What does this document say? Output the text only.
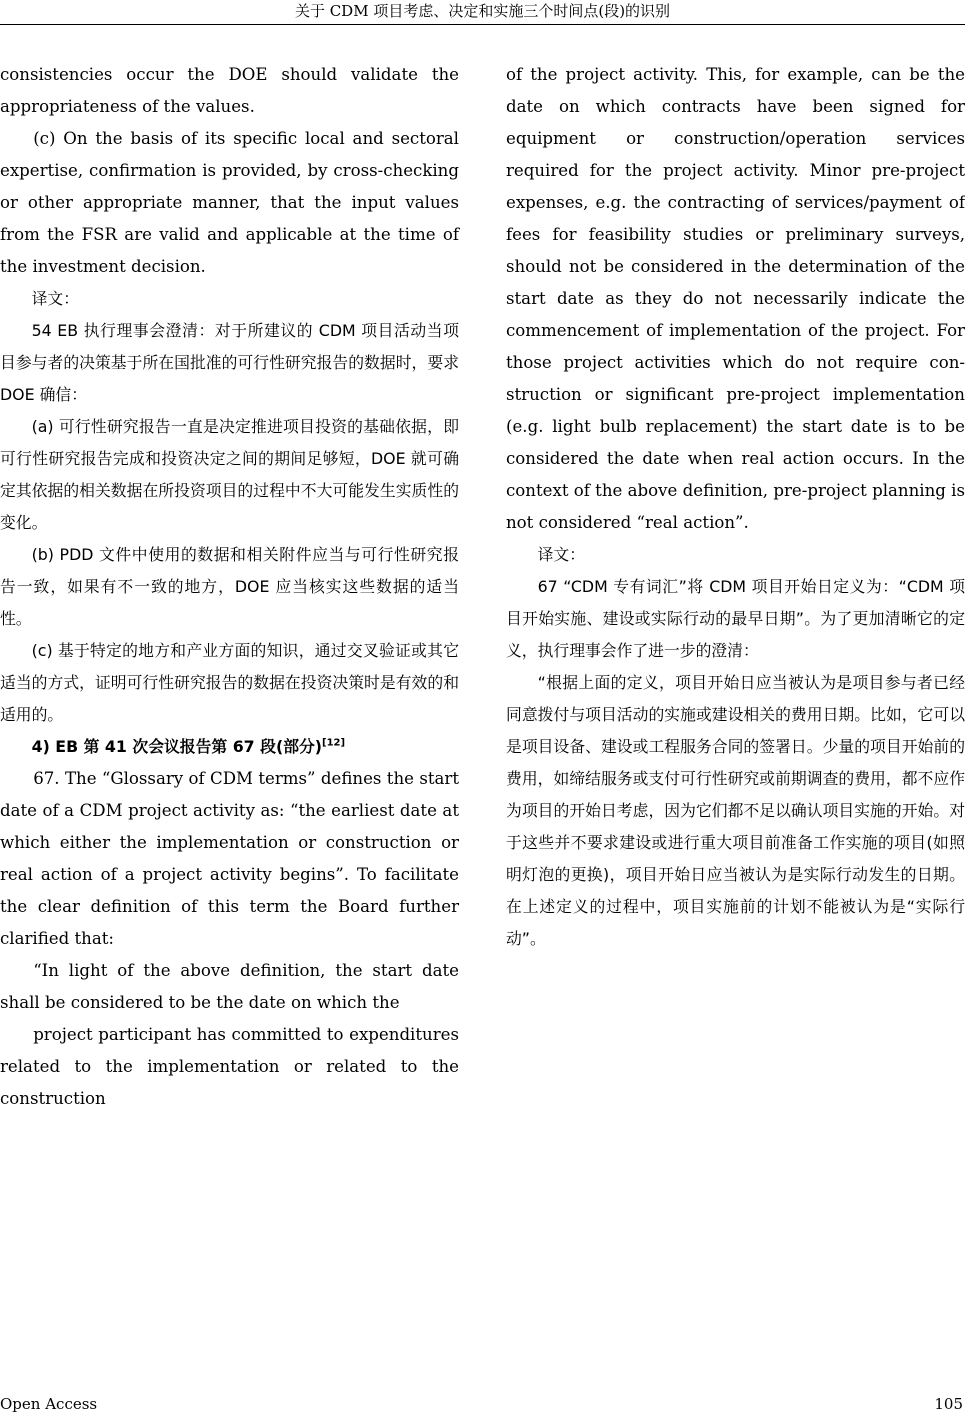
关于 CDM 项目考虑、决定和实施三个时间点(段)的识别

consistencies occur the DOE should validate the appropriateness of the values.

(c) On the basis of its specific local and sectoral expertise, confirmation is provided, by cross-checking or other appropriate manner, that the input values from the FSR are valid and applicable at the time of the investment decision.

译文：

54 EB 执行理事会澄清：对于所建议的 CDM 项目活动当项目参与者的决策基于所在国批准的可行性研究报告的数据时，要求 DOE 确信：

(a) 可行性研究报告一直是决定推进项目投资的基础依据，即可行性研究报告完成和投资决定之间的期间足够短，DOE 就可确定其依据的相关数据在所投资项目的过程中不大可能发生实质性的变化。

(b) PDD 文件中使用的数据和相关附件应当与可行性研究报告一致，如果有不一致的地方，DOE 应当核实这些数据的适当性。

(c) 基于特定的地方和产业方面的知识，通过交叉验证或其它适当的方式，证明可行性研究报告的数据在投资决策时是有效的和适用的。

4) EB 第 41 次会议报告第 67 段(部分)[12]

67. The “Glossary of CDM terms” defines the start date of a CDM project activity as: “the earliest date at which either the implementation or construction or real action of a project activity begins”. To facilitate the clear definition of this term the Board further clarified that:

“In light of the above definition, the start date shall be considered to be the date on which the

project participant has committed to expenditures related to the implementation or related to the construction

of the project activity. This, for example, can be the date on which contracts have been signed for equipment or construction/operation services required for the project activity. Minor pre-project expenses, e.g. the contracting of services/payment of fees for feasibility studies or preliminary surveys, should not be considered in the determination of the start date as they do not necessarily indicate the commencement of implementation of the project. For those project activities which do not require construction or significant pre-project implementation (e.g. light bulb replacement) the start date is to be considered the date when real action occurs. In the context of the above definition, pre-project planning is not considered “real action”.

译文：

67 “CDM 专有词汇”将 CDM 项目开始日定义为：“CDM 项目开始实施、建设或实际行动的最早日期”。为了更加清晰它的定义，执行理事会作了进一步的澄清：

“根据上面的定义，项目开始日应当被认为是项目参与者已经同意拨付与项目活动的实施或建设相关的费用日期。比如，它可以是项目设备、建设或工程服务合同的签署日。少量的项目开始前的费用，如缔结服务或支付可行性研究或前期调查的费用，都不应作为项目的开始日考虑，因为它们都不足以确认项目实施的开始。对于这些并不要求建设或进行重大项目前准备工作实施的项目(如照明灯泡的更换)，项目开始日应当被认为是实际行动发生的日期。在上述定义的过程中，项目实施前的计划不能被认为是“实际行动”。

Open Access	105
